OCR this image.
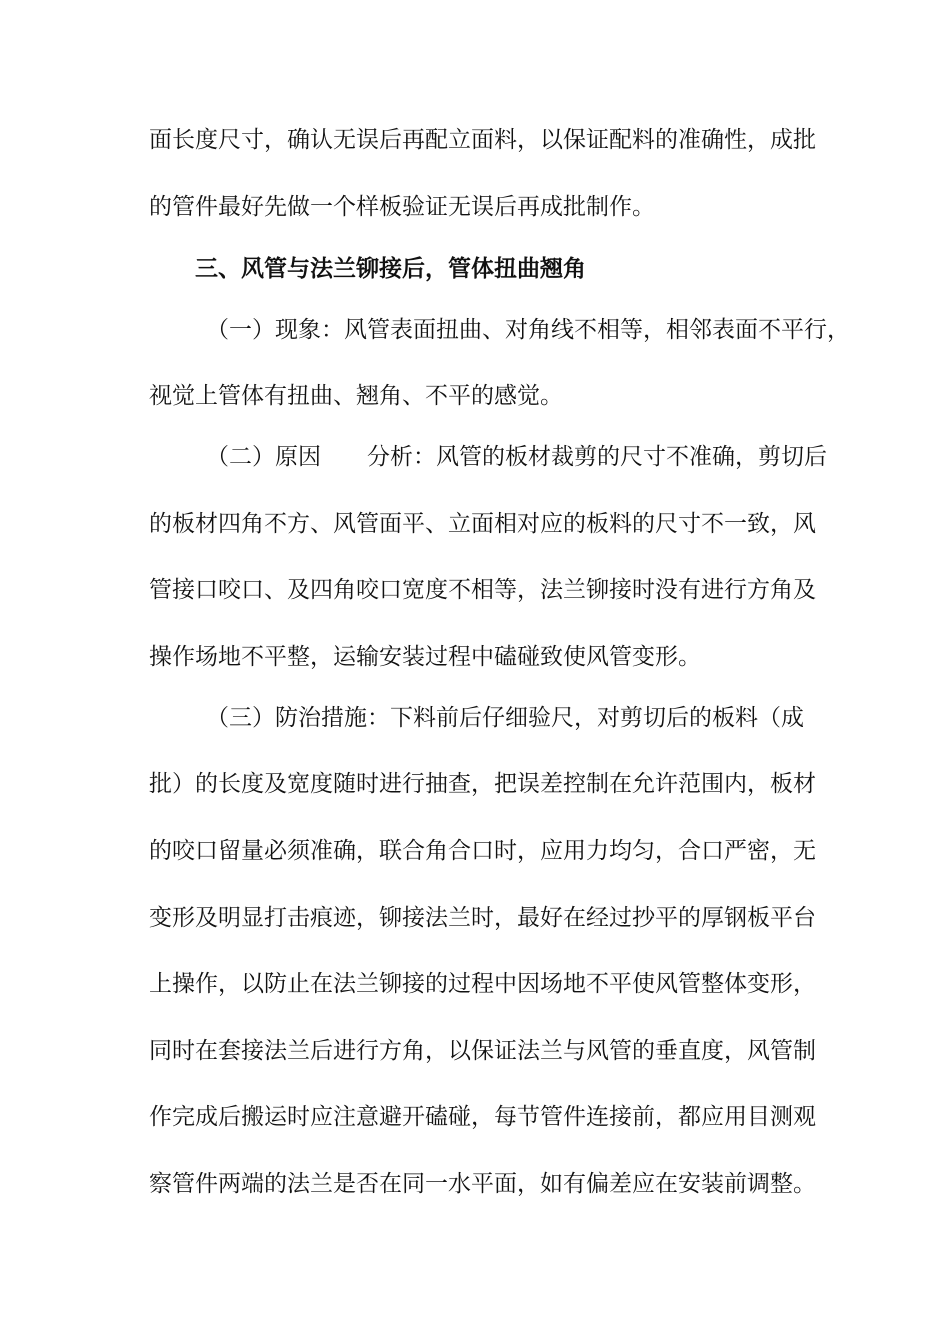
面长度尺寸，确认无误后再配立面料，以保证配料的准确性，成批
的管件最好先做一个样板验证无误后再成批制作。
三、风管与法兰铆接后，管体扭曲翘角
（一）现象：风管表面扭曲、对角线不相等，相邻表面不平行，
视觉上管体有扭曲、翘角、不平的感觉。
（二）原因 分析：风管的板材裁剪的尺寸不准确，剪切后
的板材四角不方、风管面平、立面相对应的板料的尺寸不一致，风
管接口咬口、及四角咬口宽度不相等，法兰铆接时没有进行方角及
操作场地不平整，运输安装过程中磕碰致使风管变形。
（三）防治措施：下料前后仔细验尺，对剪切后的板料（成
批）的长度及宽度随时进行抽查，把误差控制在允许范围内，板材
的咬口留量必须准确，联合角合口时，应用力均匀，合口严密，无
变形及明显打击痕迹，铆接法兰时，最好在经过抄平的厚钢板平台
上操作，以防止在法兰铆接的过程中因场地不平使风管整体变形，
同时在套接法兰后进行方角，以保证法兰与风管的垂直度，风管制
作完成后搬运时应注意避开磕碰，每节管件连接前，都应用目测观
察管件两端的法兰是否在同一水平面，如有偏差应在安装前调整。
